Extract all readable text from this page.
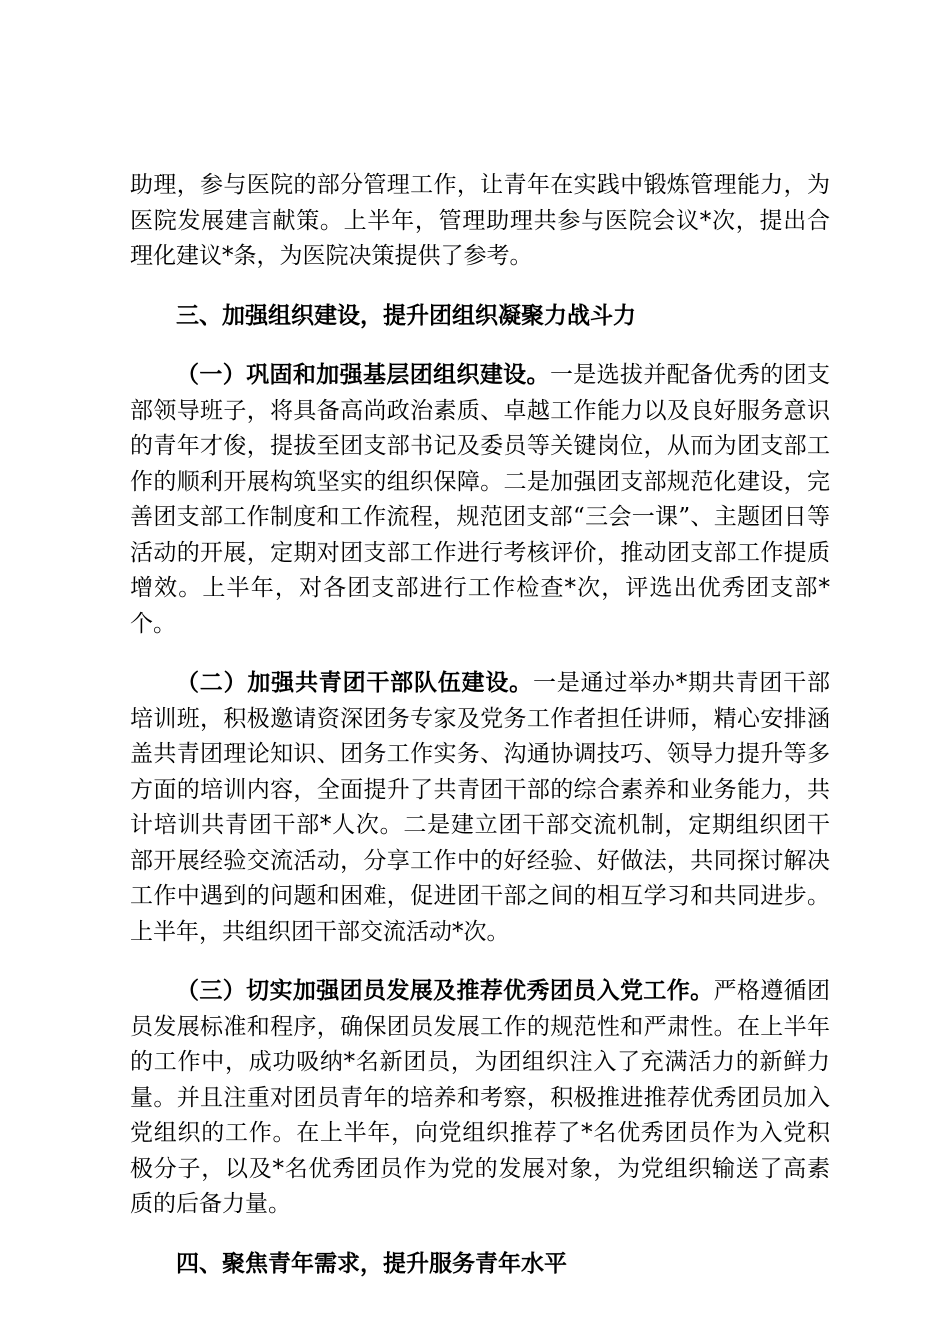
助理，参与医院的部分管理工作，让青年在实践中锻炼管理能力，为医院发展建言献策。上半年，管理助理共参与医院会议*次，提出合理化建议*条，为医院决策提供了参考。

三、加强组织建设，提升团组织凝聚力战斗力

（一）巩固和加强基层团组织建设。一是选拔并配备优秀的团支部领导班子，将具备高尚政治素质、卓越工作能力以及良好服务意识的青年才俊，提拔至团支部书记及委员等关键岗位，从而为团支部工作的顺利开展构筑坚实的组织保障。二是加强团支部规范化建设，完善团支部工作制度和工作流程，规范团支部“三会一课”、主题团日等活动的开展，定期对团支部工作进行考核评价，推动团支部工作提质增效。上半年，对各团支部进行工作检查*次，评选出优秀团支部*个。

（二）加强共青团干部队伍建设。一是通过举办*期共青团干部培训班，积极邀请资深团务专家及党务工作者担任讲师，精心安排涵盖共青团理论知识、团务工作实务、沟通协调技巧、领导力提升等多方面的培训内容，全面提升了共青团干部的综合素养和业务能力，共计培训共青团干部*人次。二是建立团干部交流机制，定期组织团干部开展经验交流活动，分享工作中的好经验、好做法，共同探讨解决工作中遇到的问题和困难，促进团干部之间的相互学习和共同进步。上半年，共组织团干部交流活动*次。

（三）切实加强团员发展及推荐优秀团员入党工作。严格遵循团员发展标准和程序，确保团员发展工作的规范性和严肃性。在上半年的工作中，成功吸纳*名新团员，为团组织注入了充满活力的新鲜力量。并且注重对团员青年的培养和考察，积极推进推荐优秀团员加入党组织的工作。在上半年，向党组织推荐了*名优秀团员作为入党积极分子，以及*名优秀团员作为党的发展对象，为党组织输送了高素质的后备力量。

四、聚焦青年需求，提升服务青年水平
